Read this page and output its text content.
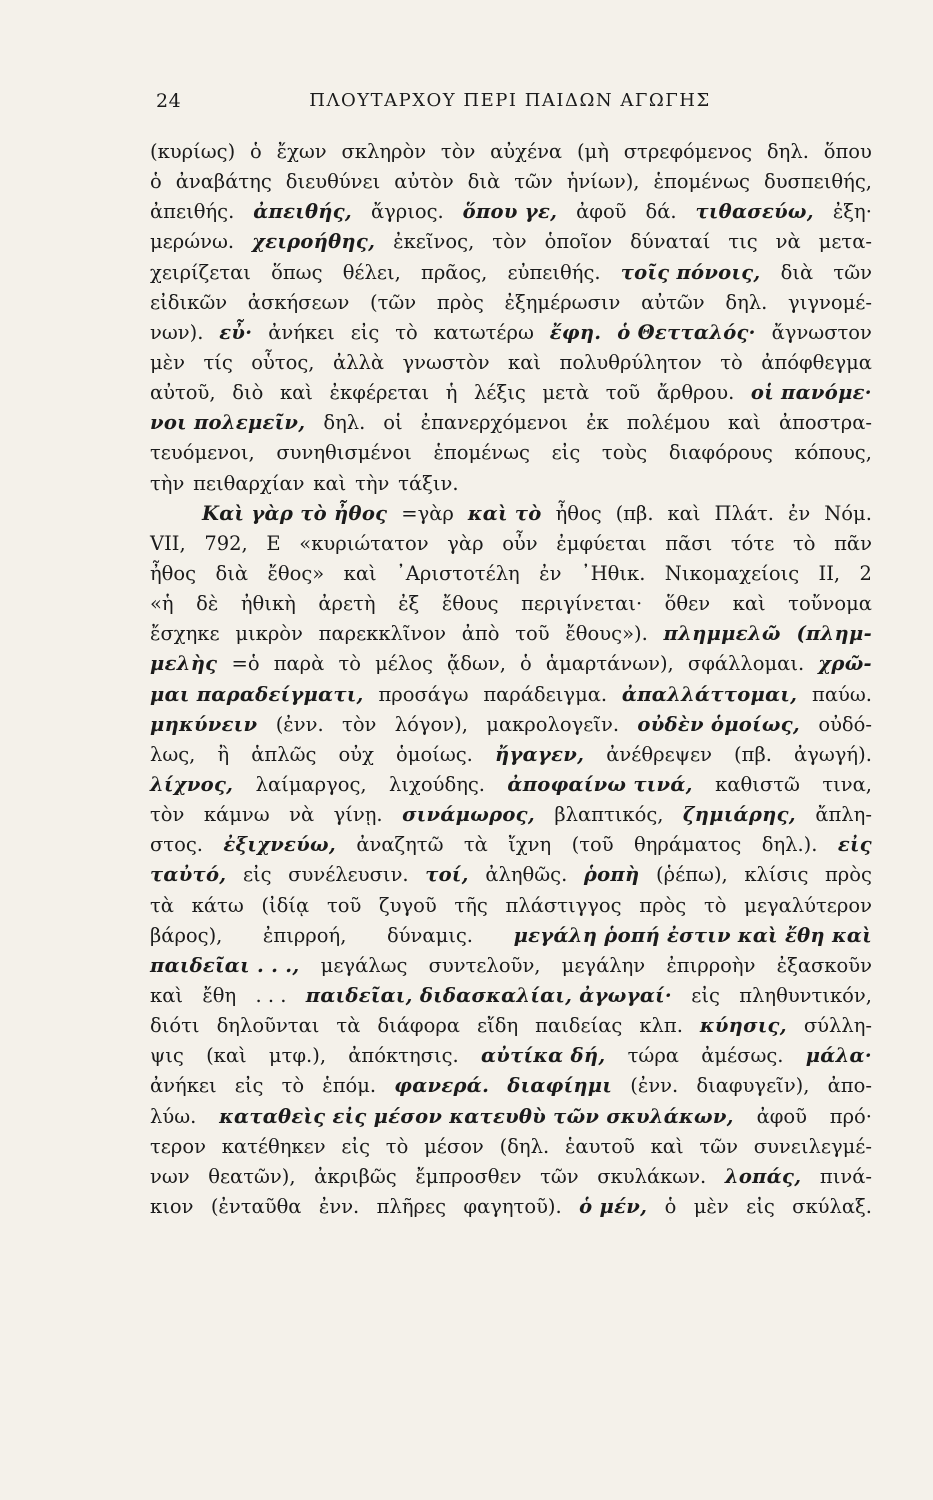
24	ΠΛΟΥΤΑΡΧΟΥ ΠΕΡΙ ΠΑΙΔΩΝ ΑΓΩΓΗΣ
(κυρίως) ὁ ἔχων σκληρὸν τὸν αὐχένα (μὴ στρεφόμενος δηλ. ὅπου
ὁ ἀναβάτης διευθύνει αὐτὸν διὰ τῶν ἡνίων), ἑπομένως δυσπειθής,
ἀπειθής. ἀπειθής, ἄγριος. ὅπου γε, ἀφοῦ δά. τιθασεύω, ἐξη·
μερώνω. χειροήθης, ἐκεῖνος, τὸν ὁποῖον δύναταί τις νὰ μετα-
χειρίζεται ὅπως θέλει, πρᾶος, εὐπειθής. τοῖς πόνοις, διὰ τῶν
εἰδικῶν ἀσκήσεων (τῶν πρὸς ἐξημέρωσιν αὐτῶν δηλ. γιγνομέ-
νων). εὖ· ἀνήκει εἰς τὸ κατωτέρω ἔφη. ὁ Θετταλός· ἄγνωστον
μὲν τίς οὗτος, ἀλλὰ γνωστὸν καὶ πολυθρύλητον τὸ ἀπόφθεγμα
αὐτοῦ, διὸ καὶ ἐκφέρεται ἡ λέξις μετὰ τοῦ ἄρθρου. οἱ πανόμε·
νοι πολεμεῖν, δηλ. οἱ ἐπανερχόμενοι ἐκ πολέμου καὶ ἀποστρα-
τευόμενοι, συνηθισμένοι ἑπομένως εἰς τοὺς διαφόρους κόπους,
τὴν πειθαρχίαν καὶ τὴν τάξιν.
Καὶ γὰρ τὸ ἦθος =γὰρ καὶ τὸ ἦθος (πβ. καὶ Πλάτ. ἐν Νόμ.
VII, 792, Ε «κυριώτατον γὰρ οὖν ἐμφύεται πᾶσι τότε τὸ πᾶν
ἦθος διὰ ἔθος» καὶ ᾿Αριστοτέλη ἐν ᾿Ηθικ. Νικομαχείοις ΙΙ, 2
«ἡ δὲ ἠθικὴ ἀρετὴ ἐξ ἔθους περιγίνεται· ὅθεν καὶ τοὔνομα
ἔσχηκε μικρὸν παρεκκλῖνον ἀπὸ τοῦ ἔθους»). πλημμελῶ (πλημ-
μελὴς =ὁ παρὰ τὸ μέλος ᾄδων, ὁ ἁμαρτάνων), σφάλλομαι. χρῶ-
μαι παραδείγματι, προσάγω παράδειγμα. ἀπαλλάττομαι, παύω.
μηκύνειν (ἐνν. τὸν λόγον), μακρολογεῖν. οὐδὲν ὁμοίως, οὐδό-
λως, ἢ ἁπλῶς οὐχ ὁμοίως. ἤγαγεν, ἀνέθρεψεν (πβ. ἀγωγή).
λίχνος, λαίμαργος, λιχούδης. ἀποφαίνω τινά, καθιστῶ τινα,
τὸν κάμνω νὰ γίνῃ. σινάμωρος, βλαπτικός, ζημιάρης, ἄπλη-
στος. ἐξιχνεύω, ἀναζητῶ τὰ ἴχνη (τοῦ θηράματος δηλ.). εἰς
ταὐτό, εἰς συνέλευσιν. τοί, ἀληθῶς. ῥοπὴ (ῥέπω), κλίσις πρὸς
τὰ κάτω (ἰδίᾳ τοῦ ζυγοῦ τῆς πλάστιγγος πρὸς τὸ μεγαλύτερον
βάρος), ἐπιρροή, δύναμις. μεγάλη ῥοπή ἐστιν καὶ ἔθη καὶ
παιδεῖαι . . ., μεγάλως συντελοῦν, μεγάλην ἐπιρροὴν ἐξασκοῦν
καὶ ἔθη . . . παιδεῖαι, διδασκαλίαι, ἀγωγαί· εἰς πληθυντικόν,
διότι δηλοῦνται τὰ διάφορα εἴδη παιδείας κλπ. κύησις, σύλλη-
ψις (καὶ μτφ.), ἀπόκτησις. αὐτίκα δή, τώρα ἀμέσως. μάλα·
ἀνήκει εἰς τὸ ἑπόμ. φανερά. διαφίημι (ἐνν. διαφυγεῖν), ἀπο-
λύω. καταθεὶς εἰς μέσον κατευθὺ τῶν σκυλάκων, ἀφοῦ πρό·
τερον κατέθηκεν εἰς τὸ μέσον (δηλ. ἑαυτοῦ καὶ τῶν συνειλεγμέ-
νων θεατῶν), ἀκριβῶς ἔμπροσθεν τῶν σκυλάκων. λοπάς, πινά-
κιον (ἐνταῦθα ἐνν. πλῆρες φαγητοῦ). ὁ μέν, ὁ μὲν εἰς σκύλαξ.
